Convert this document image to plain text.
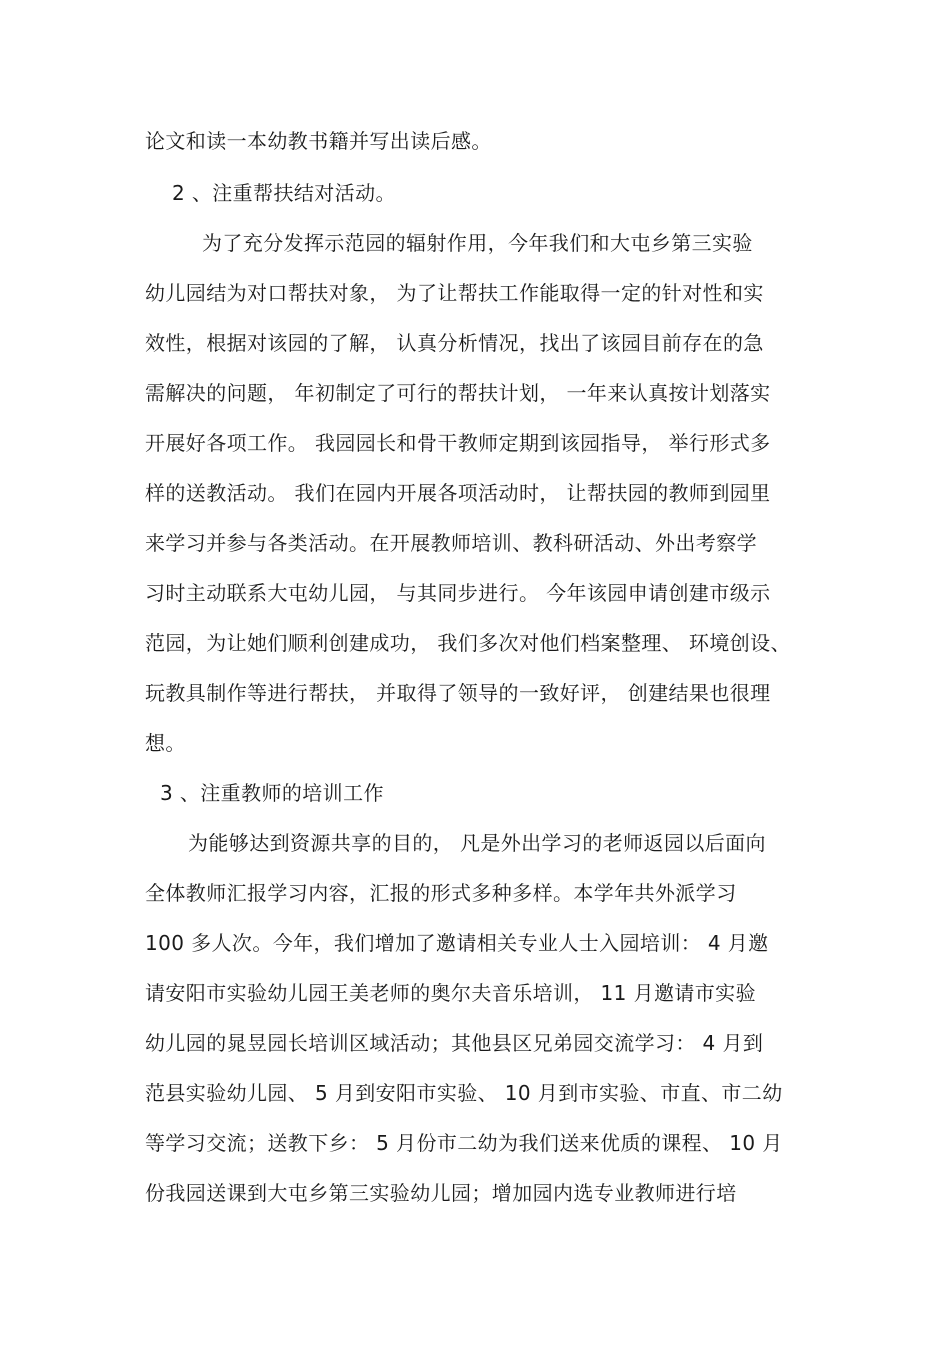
论文和读一本幼教书籍并写出读后感。
2 、注重帮扶结对活动。
为了充分发挥示范园的辐射作用，今年我们和大屯乡第三实验
幼儿园结为对口帮扶对象， 为了让帮扶工作能取得一定的针对性和实
效性，根据对该园的了解， 认真分析情况，找出了该园目前存在的急
需解决的问题， 年初制定了可行的帮扶计划， 一年来认真按计划落实
开展好各项工作。 我园园长和骨干教师定期到该园指导， 举行形式多
样的送教活动。 我们在园内开展各项活动时， 让帮扶园的教师到园里
来学习并参与各类活动。在开展教师培训、教科研活动、外出考察学
习时主动联系大屯幼儿园， 与其同步进行。 今年该园申请创建市级示
范园，为让她们顺利创建成功， 我们多次对他们档案整理、 环境创设、
玩教具制作等进行帮扶， 并取得了领导的一致好评， 创建结果也很理
想。
3 、注重教师的培训工作
为能够达到资源共享的目的， 凡是外出学习的老师返园以后面向
全体教师汇报学习内容，汇报的形式多种多样。本学年共外派学习
100 多人次。今年，我们增加了邀请相关专业人士入园培训： 4 月邀
请安阳市实验幼儿园王美老师的奥尔夫音乐培训， 11 月邀请市实验
幼儿园的晁昱园长培训区域活动；其他县区兄弟园交流学习： 4 月到
范县实验幼儿园、 5 月到安阳市实验、 10 月到市实验、市直、市二幼
等学习交流；送教下乡： 5 月份市二幼为我们送来优质的课程、 10 月
份我园送课到大屯乡第三实验幼儿园；增加园内选专业教师进行培
